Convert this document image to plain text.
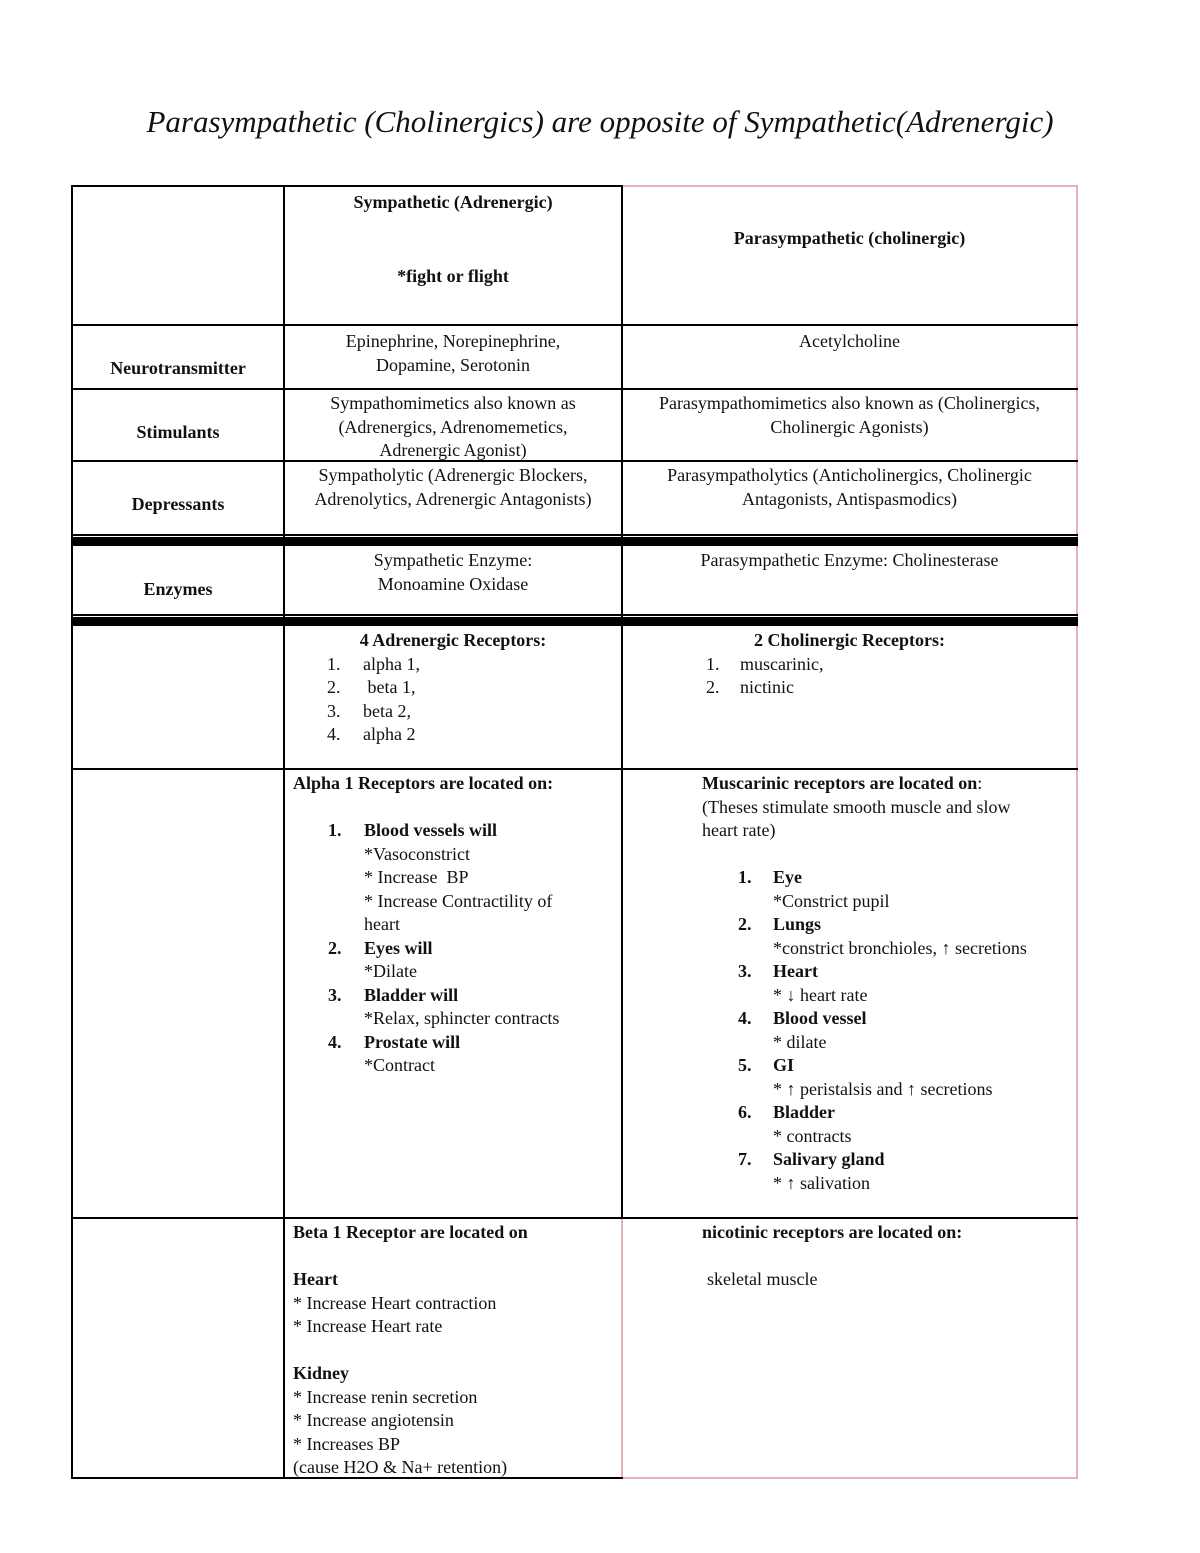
Parasympathetic (Cholinergics) are opposite of Sympathetic(Adrenergic)
Sympathetic (Adrenergic)
*fight or flight
Parasympathetic (cholinergic)
Neurotransmitter
Epinephrine, Norepinephrine,
Dopamine, Serotonin
Acetylcholine
Stimulants
Sympathomimetics also known as
(Adrenergics, Adrenomemetics,
Adrenergic Agonist)
Parasympathomimetics also known as (Cholinergics,
Cholinergic Agonists)
Depressants
Sympatholytic (Adrenergic Blockers,
Adrenolytics, Adrenergic Antagonists)
Parasympatholytics (Anticholinergics, Cholinergic
Antagonists, Antispasmodics)
Enzymes
Sympathetic Enzyme:
Monoamine Oxidase
Parasympathetic Enzyme: Cholinesterase
4 Adrenergic Receptors:
1. alpha 1,
2. beta 1,
3. beta 2,
4. alpha 2
2 Cholinergic Receptors:
1. muscarinic,
2. nictinic
Alpha 1 Receptors are located on:
1. Blood vessels will
*Vasoconstrict
* Increase  BP
* Increase Contractility of
heart
2. Eyes will
*Dilate
3. Bladder will
*Relax, sphincter contracts
4. Prostate will
*Contract
Muscarinic receptors are located on:
(Theses stimulate smooth muscle and slow
heart rate)
1. Eye
*Constrict pupil
2. Lungs
*constrict bronchioles, ↑ secretions
3. Heart
* ↓ heart rate
4. Blood vessel
* dilate
5. GI
* ↑ peristalsis and ↑ secretions
6. Bladder
* contracts
7. Salivary gland
* ↑ salivation
Beta 1 Receptor are located on
Heart
* Increase Heart contraction
* Increase Heart rate
Kidney
* Increase renin secretion
* Increase angiotensin
* Increases BP
(cause H2O & Na+ retention)
nicotinic receptors are located on:
skeletal muscle
